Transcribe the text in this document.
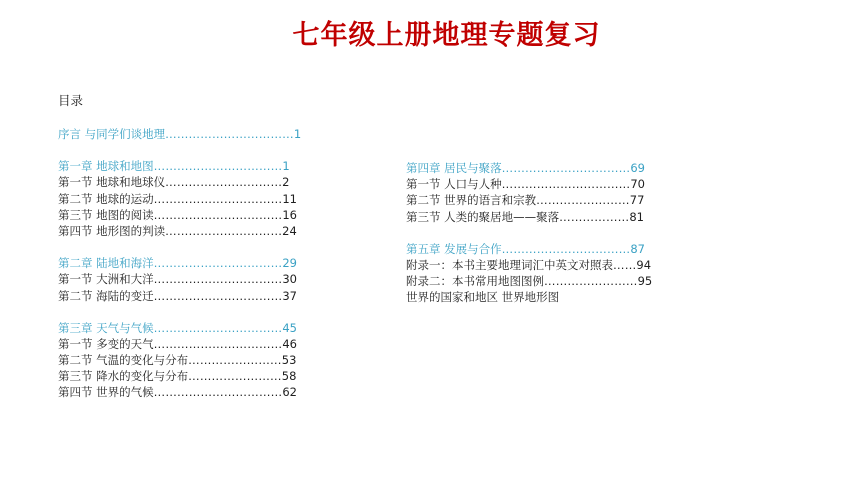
七年级上册地理专题复习
目录
序言 与同学们谈地理……………………………1
第一章 地球和地图……………………………1
第一节 地球和地球仪…………………………2
第二节 地球的运动……………………………11
第三节 地图的阅读……………………………16
第四节 地形图的判读…………………………24
第二章 陆地和海洋……………………………29
第一节 大洲和大洋……………………………30
第二节 海陆的变迁……………………………37
第三章 天气与气候……………………………45
第一节 多变的天气……………………………46
第二节 气温的变化与分布……………………53
第三节 降水的变化与分布……………………58
第四节 世界的气候……………………………62
第四章 居民与聚落……………………………69
第一节 人口与人种……………………………70
第二节 世界的语言和宗教……………………77
第三节 人类的聚居地——聚落………………81
第五章 发展与合作……………………………87
附录一：本书主要地理词汇中英文对照表……94
附录二：本书常用地图图例……………………95
世界的国家和地区 世界地形图
